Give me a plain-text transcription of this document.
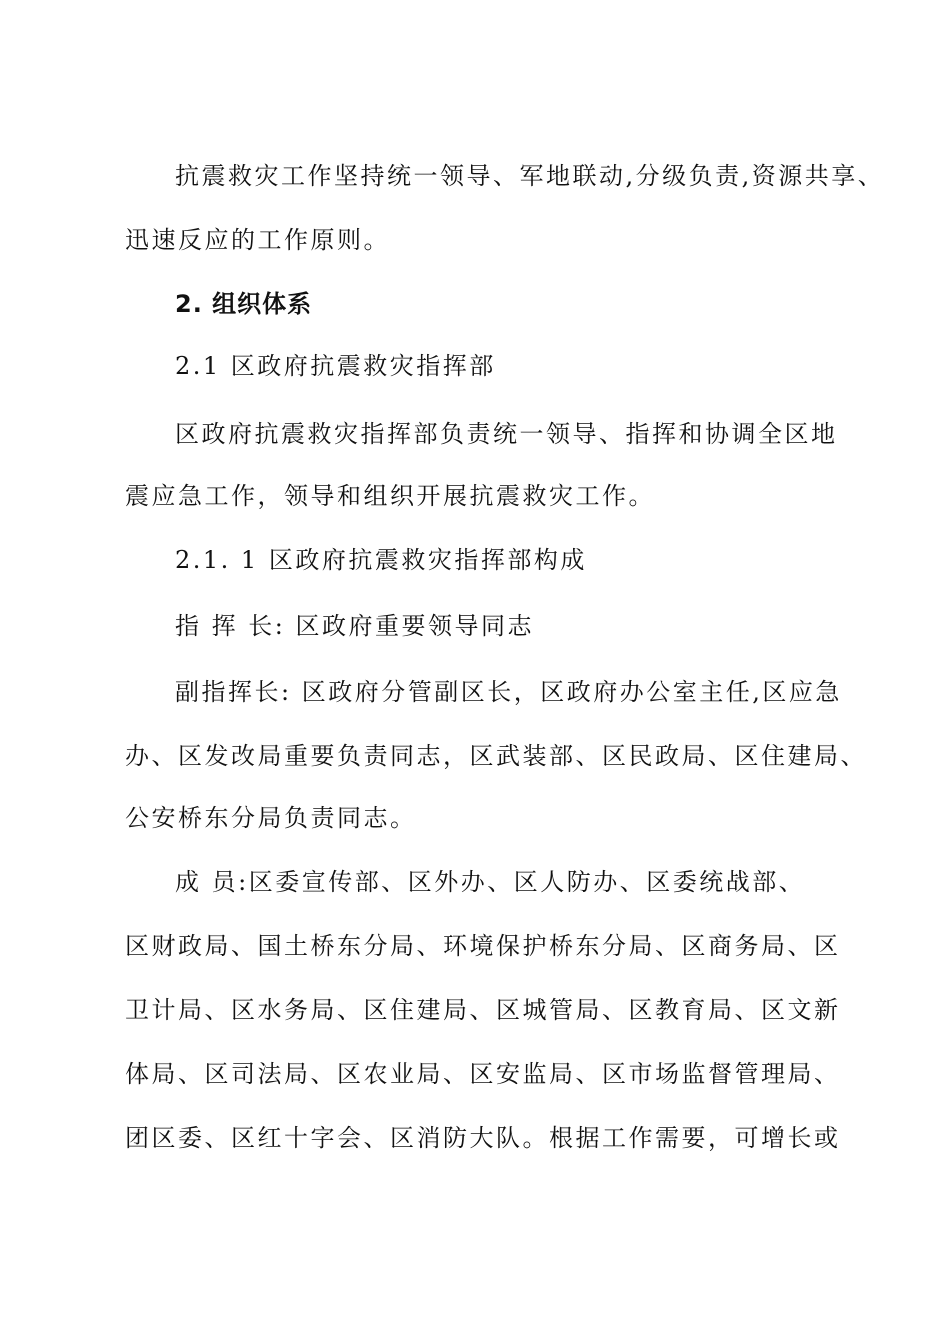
抗震救灾工作坚持统一领导、军地联动,分级负责,资源共享、
迅速反应的工作原则。
2. 组织体系
2.1 区政府抗震救灾指挥部
区政府抗震救灾指挥部负责统一领导、指挥和协调全区地
震应急工作，领导和组织开展抗震救灾工作。
2.1. 1 区政府抗震救灾指挥部构成
指 挥 长: 区政府重要领导同志
副指挥长: 区政府分管副区长，区政府办公室主任,区应急
办、区发改局重要负责同志，区武装部、区民政局、区住建局、
公安桥东分局负责同志。
成 员:区委宣传部、区外办、区人防办、区委统战部、
区财政局、国土桥东分局、环境保护桥东分局、区商务局、区
卫计局、区水务局、区住建局、区城管局、区教育局、区文新
体局、区司法局、区农业局、区安监局、区市场监督管理局、
团区委、区红十字会、区消防大队。根据工作需要，可增长或
